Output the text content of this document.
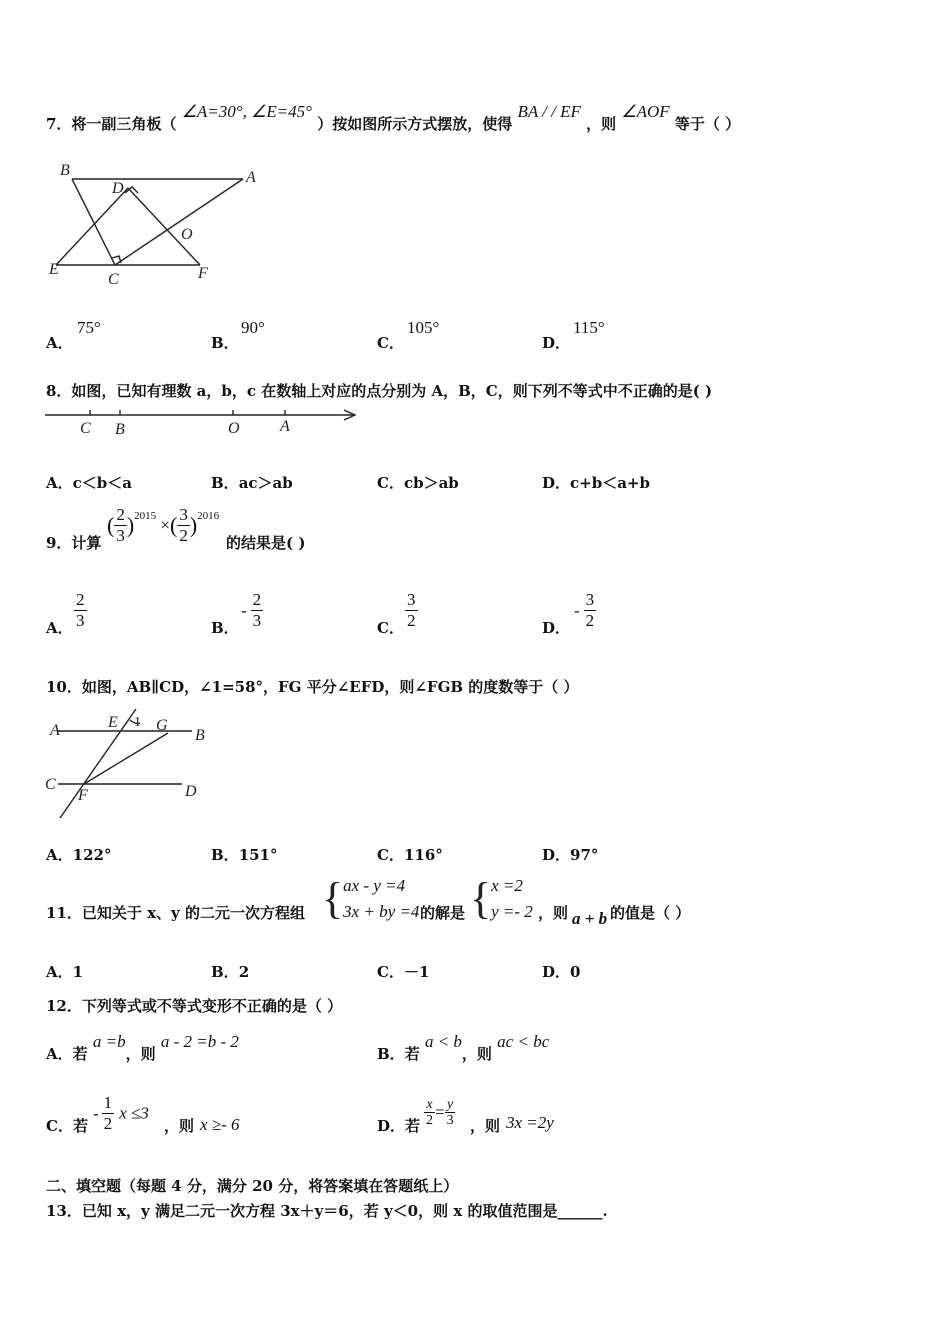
7．将一副三角板（ ∠A=30°, ∠E=45° ）按如图所示方式摆放，使得 BA / / EF ，则 ∠AOF 等于（ ）
B	A
D
O
E
C	F
A．
75°
B．
90°
C．
105°
D．
115°
8．如图，已知有理数 a，b，c 在数轴上对应的点分别为 A，B，C，则下列不等式中不正确的是( )
C B	O	A
A．c＜b＜a	B．ac＞ab	C．cb＞ab	D．c+b＜a+b
9．计算
( $\frac{2}{3} )^{2015}$ ×( $\frac{3}{2} )^{2016}$
的结果是( )
A． $\frac{2}{3}$	B．
- $\frac{2}{3}$	C． $\frac{3}{2}$	D．
- $\frac{3}{2}$
10．如图，AB∥CD，∠1=58°，FG 平分∠EFD，则∠FGB 的度数等于（ ）
A	E 1 G
B
C
F	D
A．122°	B．151°	C．116°	D．97°
11．已知关于 x、y 的二元一次方程组 { ax - y =4
3x + by =4 的解是 { x =2
y =- 2 ，则 a + b 的值是（ ）
A．1	B．2	C．－1	D．0
12．下列等式或不等式变形不正确的是（ ）
A．若 a =b，则 a - 2 =b - 2
B．若 a < b，则 ac < bc
C．若
- $\frac{1}{2}$ x ≤3
，则 x ≥- 6	D．若 $\frac{x}{2} = \frac{y}{3}$ ，则 3x =2y
二、填空题（每题 4 分，满分 20 分，将答案填在答题纸上）
13．已知 x，y 满足二元一次方程 3x＋y＝6，若 y＜0，则 x 的取值范围是______.
